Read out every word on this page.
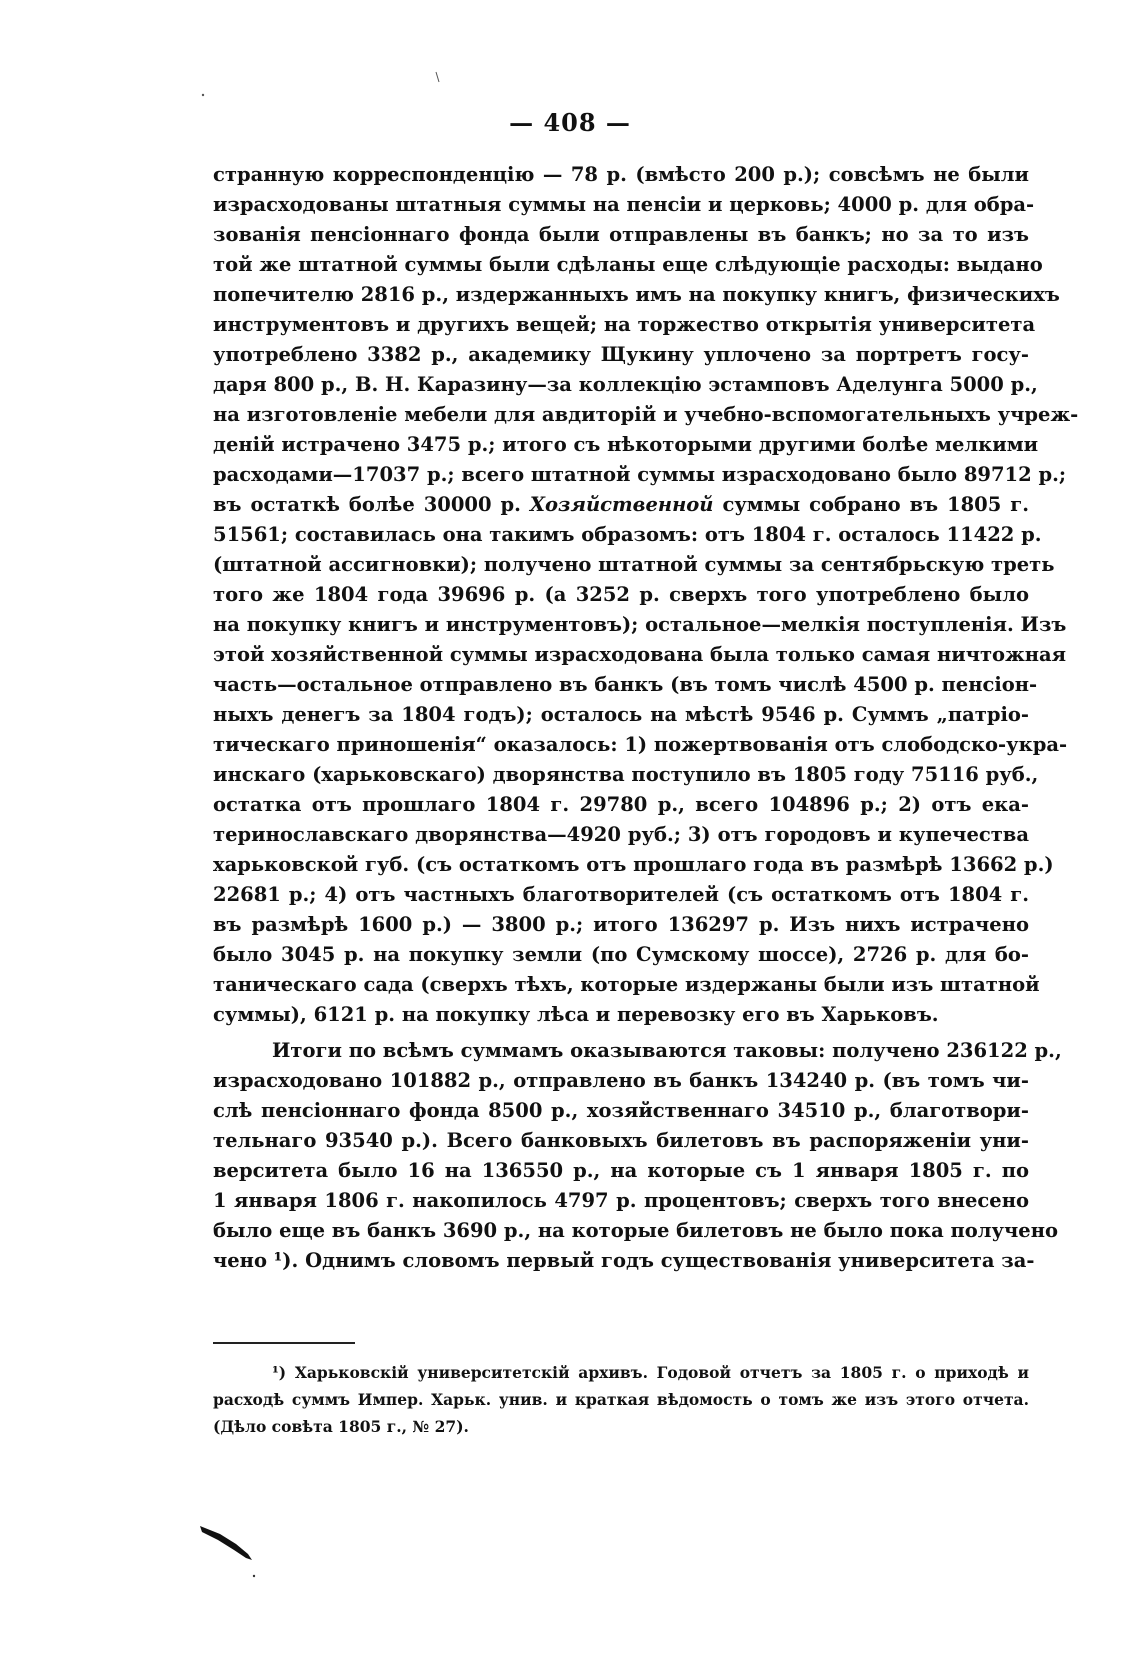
— 408 —
странную корреспонденцію — 78 р. (вмѣсто 200 р.); совсѣмъ не были
израсходованы штатныя суммы на пенсіи и церковь; 4000 р. для обра-
зованія пенсіоннаго фонда были отправлены въ банкъ; но за то изъ
той же штатной суммы были сдѣланы еще слѣдующіе расходы: выдано
попечителю 2816 р., издержанныхъ имъ на покупку книгъ, физическихъ
инструментовъ и другихъ вещей; на торжество открытія университета
употреблено 3382 р., академику Щукину уплочено за портретъ госу-
даря 800 р., В. Н. Каразину—за коллекцію эстамповъ Аделунга 5000 р.,
на изготовленіе мебели для авдиторій и учебно-вспомогательныхъ учреж-
деній истрачено 3475 р.; итого съ нѣкоторыми другими болѣе мелкими
расходами—17037 р.; всего штатной суммы израсходовано было 89712 р.;
въ остаткѣ болѣе 30000 р. Хозяйственной суммы собрано въ 1805 г.
51561; составилась она такимъ образомъ: отъ 1804 г. осталось 11422 р.
(штатной ассигновки); получено штатной суммы за сентябрьскую треть
того же 1804 года 39696 р. (а 3252 р. сверхъ того употреблено было
на покупку книгъ и инструментовъ); остальное—мелкія поступленія. Изъ
этой хозяйственной суммы израсходована была только самая ничтожная
часть—остальное отправлено въ банкъ (въ томъ числѣ 4500 р. пенсіон-
ныхъ денегъ за 1804 годъ); осталось на мѣстѣ 9546 р. Суммъ „патріо-
тическаго приношенія“ оказалось: 1) пожертвованія отъ слободско-укра-
инскаго (харьковскаго) дворянства поступило въ 1805 году 75116 руб.,
остатка отъ прошлаго 1804 г. 29780 р., всего 104896 р.; 2) отъ ека-
теринославскаго дворянства—4920 руб.; 3) отъ городовъ и купечества
харьковской губ. (съ остаткомъ отъ прошлаго года въ размѣрѣ 13662 р.)
22681 р.; 4) отъ частныхъ благотворителей (съ остаткомъ отъ 1804 г.
въ размѣрѣ 1600 р.) — 3800 р.; итого 136297 р. Изъ нихъ истрачено
было 3045 р. на покупку земли (по Сумскому шоссе), 2726 р. для бо-
таническаго сада (сверхъ тѣхъ, которые издержаны были изъ штатной
суммы), 6121 р. на покупку лѣса и перевозку его въ Харьковъ.
Итоги по всѣмъ суммамъ оказываются таковы: получено 236122 р.,
израсходовано 101882 р., отправлено въ банкъ 134240 р. (въ томъ чи-
слѣ пенсіоннаго фонда 8500 р., хозяйственнаго 34510 р., благотвори-
тельнаго 93540 р.). Всего банковыхъ билетовъ въ распоряженіи уни-
верситета было 16 на 136550 р., на которые съ 1 января 1805 г. по
1 января 1806 г. накопилось 4797 р. процентовъ; сверхъ того внесено
было еще въ банкъ 3690 р., на которые билетовъ не было пока получено
чено ¹). Однимъ словомъ первый годъ существованія университета за-
¹) Харьковскій университетскій архивъ. Годовой отчетъ за 1805 г. о приходѣ и
расходѣ суммъ Импер. Харьк. унив. и краткая вѣдомость о томъ же изъ этого отчета.
(Дѣло совѣта 1805 г., № 27).
